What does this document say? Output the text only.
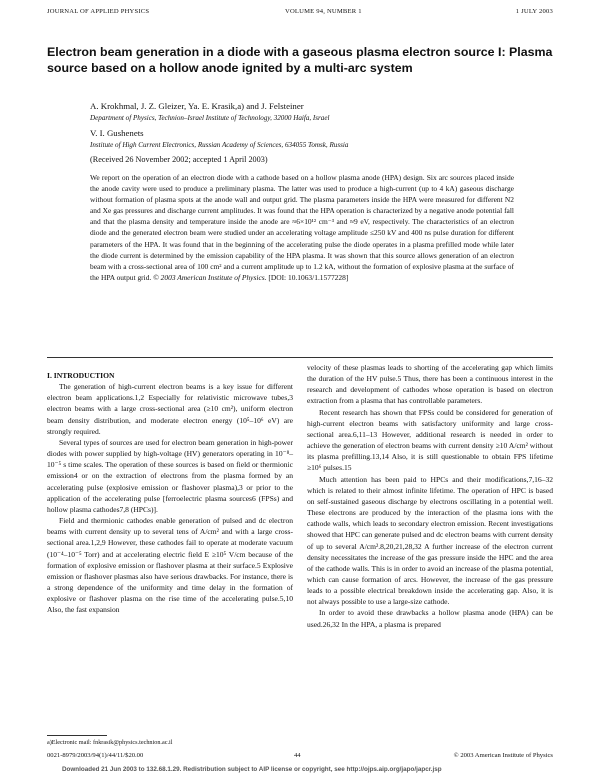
JOURNAL OF APPLIED PHYSICS	VOLUME 94, NUMBER 1	1 JULY 2003
Electron beam generation in a diode with a gaseous plasma electron source I: Plasma source based on a hollow anode ignited by a multi-arc system
A. Krokhmal, J. Z. Gleizer, Ya. E. Krasik,a) and J. Felsteiner
Department of Physics, Technion–Israel Institute of Technology, 32000 Haifa, Israel
V. I. Gushenets
Institute of High Current Electronics, Russian Academy of Sciences, 634055 Tomsk, Russia
(Received 26 November 2002; accepted 1 April 2003)

We report on the operation of an electron diode with a cathode based on a hollow plasma anode (HPA) design. Six arc sources placed inside the anode cavity were used to produce a preliminary plasma. The latter was used to produce a high-current (up to 4 kA) gaseous discharge without formation of plasma spots at the anode wall and output grid. The plasma parameters inside the HPA were measured for different N2 and Xe gas pressures and discharge current amplitudes. It was found that the HPA operation is characterized by a negative anode potential fall and that the plasma density and temperature inside the anode are ≈6×10¹² cm⁻³ and ≈9 eV, respectively. The characteristics of an electron diode and the generated electron beam were studied under an accelerating voltage amplitude ≤250 kV and 400 ns pulse duration for different parameters of the HPA. It was found that in the beginning of the accelerating pulse the diode operates in a plasma prefilled mode while later the diode current is determined by the emission capability of the HPA plasma. It was shown that this source allows generation of an electron beam with a cross-sectional area of 100 cm² and a current amplitude up to 1.2 kA, without the formation of explosive plasma at the surface of the HPA output grid. © 2003 American Institute of Physics. [DOI: 10.1063/1.1577228]

I. INTRODUCTION

The generation of high-current electron beams is a key issue for different electron beam applications.1,2 Especially for relativistic microwave tubes,3 electron beams with a large cross-sectional area (≥10 cm²), uniform electron beam density distribution, and moderate electron energy (10⁵–10⁶ eV) are strongly required.

Several types of sources are used for electron beam generation in high-power diodes with power supplied by high-voltage (HV) generators operating in 10⁻⁸–10⁻⁵ s time scales. The operation of these sources is based on field or thermionic emission4 or on the extraction of electrons from the plasma formed by an accelerating pulse (explosive emission or flashover plasma),3 or prior to the application of the accelerating pulse [ferroelectric plasma sources6 (FPSs) and hollow plasma cathodes7,8 (HPCs)].

Field and thermionic cathodes enable generation of pulsed and dc electron beams with current density up to several tens of A/cm² and with a large cross-sectional area.1,2,9 However, these cathodes fail to operate at moderate vacuum (10⁻⁴–10⁻⁵ Torr) and at accelerating electric field E ≥10⁵ V/cm because of the formation of explosive emission or flashover plasma at their surface.5 Explosive emission or flashover plasmas also have serious drawbacks. For instance, there is a strong dependence of the uniformity and time delay in the formation of explosive or flashover plasma on the rise time of the accelerating pulse.5,10 Also, the fast expansion

velocity of these plasmas leads to shorting of the accelerating gap which limits the duration of the HV pulse.5 Thus, there has been a continuous interest in the research and development of cathodes whose operation is based on electron extraction from a plasma that has controllable parameters.

Recent research has shown that FPSs could be considered for generation of high-current electron beams with satisfactory uniformity and large cross-sectional area.6,11–13 However, additional research is needed in order to achieve the generation of electron beams with current density ≥10 A/cm² without its plasma prefilling.13,14 Also, it is still questionable to obtain FPS lifetime ≥10⁶ pulses.15

Much attention has been paid to HPCs and their modifications,7,16–32 which is related to their almost infinite lifetime. The operation of HPC is based on self-sustained gaseous discharge by electrons oscillating in a potential well. These electrons are produced by the interaction of the plasma ions with the cathode walls, which leads to secondary electron emission. Recent investigations showed that HPC can generate pulsed and dc electron beams with current density of up to several A/cm².8,20,21,28,32 A further increase of the electron current density necessitates the increase of the gas pressure inside the HPC and the area of the cathode walls. This is in order to avoid an increase of the plasma potential, which can cause formation of arcs. However, the increase of the gas pressure leads to a possible electrical breakdown inside the accelerating gap. Also, it is not always possible to use a large-size cathode.

In order to avoid these drawbacks a hollow plasma anode (HPA) can be used.26,32 In the HPA, a plasma is prepared

a)Electronic mail: fnkrasik@physics.technion.ac.il
0021-8979/2003/94(1)/44/11/$20.00	44	© 2003 American Institute of Physics
Downloaded 21 Jun 2003 to 132.68.1.29. Redistribution subject to AIP license or copyright, see http://ojps.aip.org/japo/japcr.jsp
